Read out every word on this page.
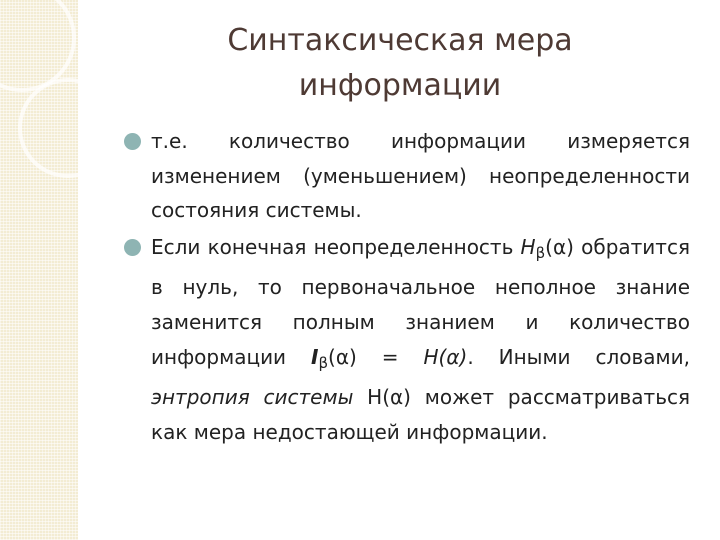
Синтаксическая мера
информации

т.е. количество информации измеряется изменением (уменьшением) неопределенности состояния системы.

Если конечная неопределенность $H_\beta(\alpha)$ обратится в нуль, то первоначальное неполное знание заменится полным знанием и количество информации $I_\beta(\alpha) = H(\alpha)$. Иными словами, энтропия системы H(α) может рассматриваться как мера недостающей информации.
